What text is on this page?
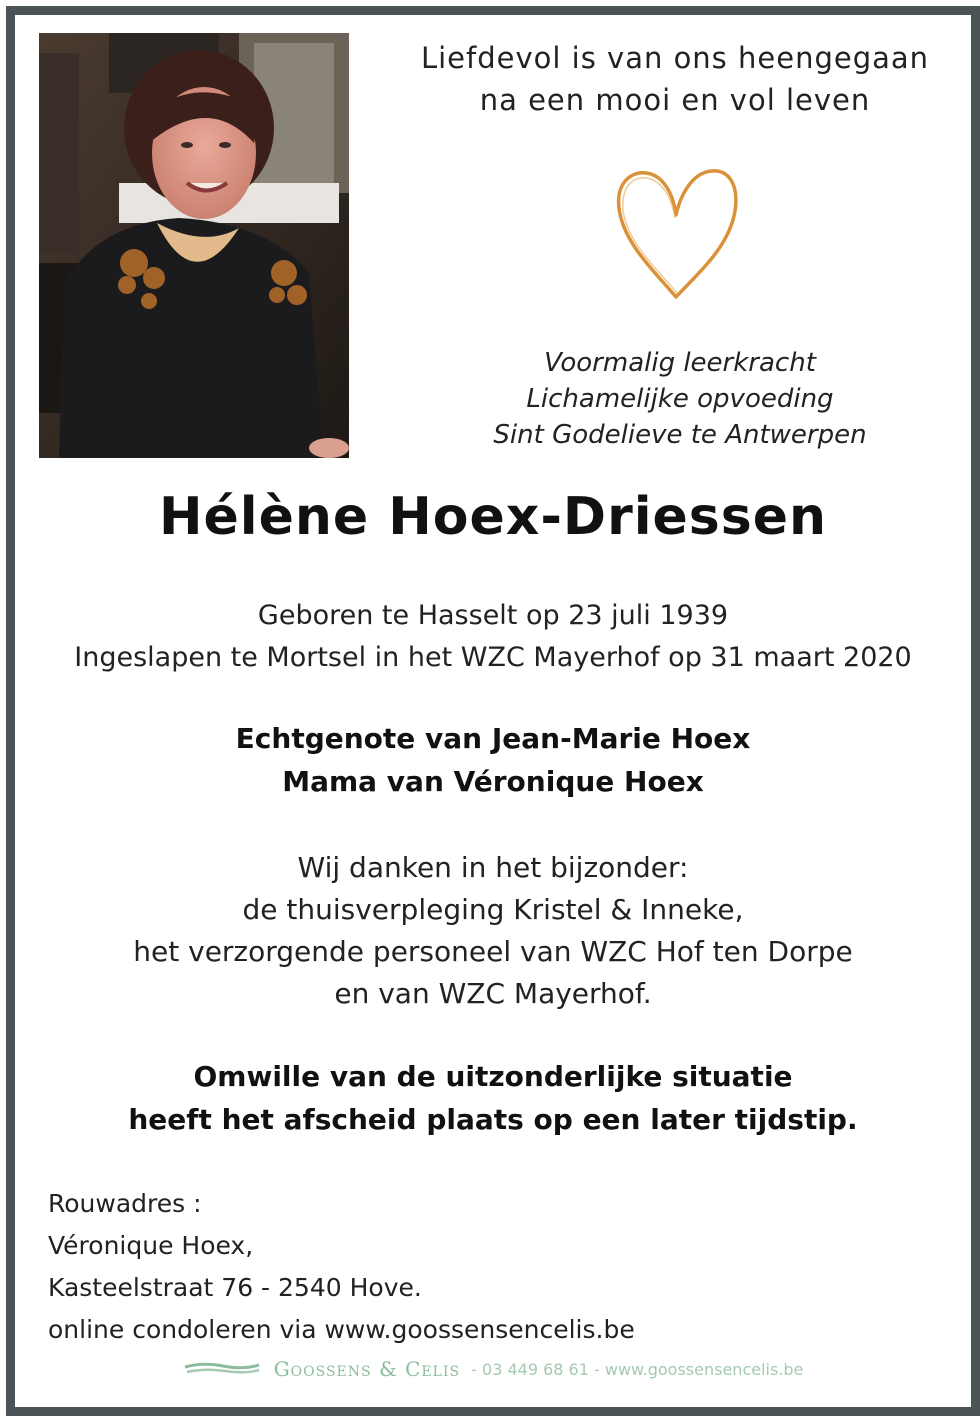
Liefdevol is van ons heengegaan
na een mooi en vol leven
Voormalig leerkracht
Lichamelijke opvoeding
Sint Godelieve te Antwerpen
Hélène Hoex-Driessen
Geboren te Hasselt op 23 juli 1939
Ingeslapen te Mortsel in het WZC Mayerhof op 31 maart 2020
Echtgenote van Jean-Marie Hoex
Mama van Véronique Hoex
Wij danken in het bijzonder:
de thuisverpleging Kristel & Inneke,
het verzorgende personeel van WZC Hof ten Dorpe
en van WZC Mayerhof.
Omwille van de uitzonderlijke situatie
heeft het afscheid plaats op een later tijdstip.
Rouwadres :
Véronique Hoex,
Kasteelstraat 76 - 2540 Hove.
online condoleren via www.goossensencelis.be
Goossens & Celis - 03 449 68 61 - www.goossensencelis.be
